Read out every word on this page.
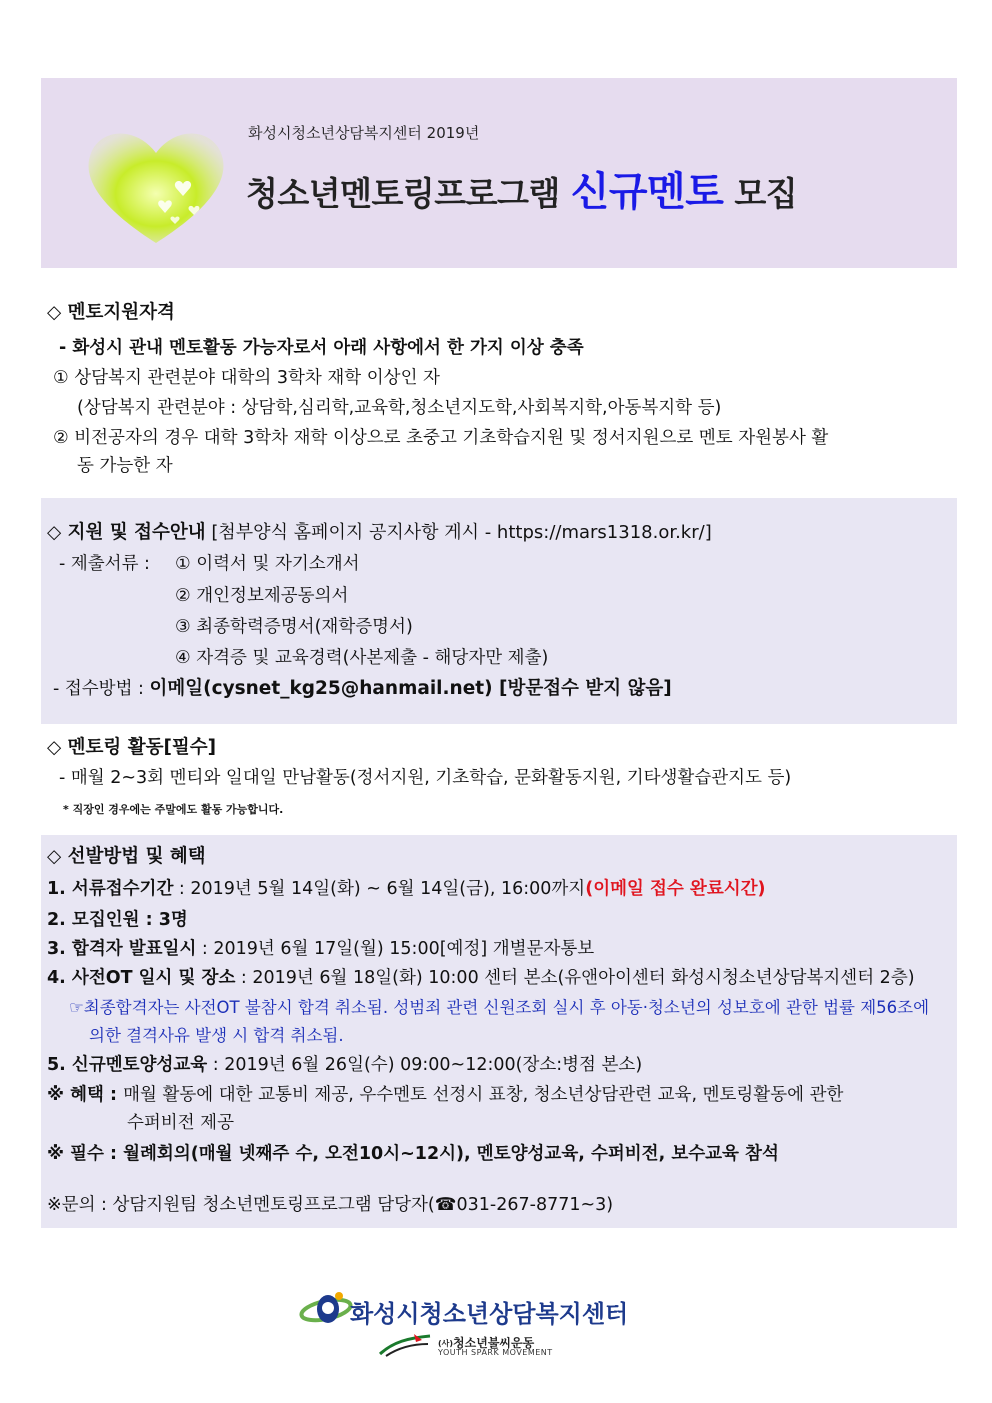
화성시청소년상담복지센터 2019년
청소년멘토링프로그램 신규멘토 모집
◇ 멘토지원자격
- 화성시 관내 멘토활동 가능자로서 아래 사항에서 한 가지 이상 충족
① 상담복지 관련분야 대학의 3학차 재학 이상인 자
(상담복지 관련분야 : 상담학,심리학,교육학,청소년지도학,사회복지학,아동복지학 등)
② 비전공자의 경우 대학 3학차 재학 이상으로 초중고 기초학습지원 및 정서지원으로 멘토 자원봉사 활
동 가능한 자
◇ 지원 및 접수안내 [첨부양식 홈페이지 공지사항 게시 - https://mars1318.or.kr/]
- 제출서류 : ① 이력서 및 자기소개서
② 개인정보제공동의서
③ 최종학력증명서(재학증명서)
④ 자격증 및 교육경력(사본제출 - 해당자만 제출)
- 접수방법 : 이메일(cysnet_kg25@hanmail.net) [방문접수 받지 않음]
◇ 멘토링 활동[필수]
- 매월 2~3회 멘티와 일대일 만남활동(정서지원, 기초학습, 문화활동지원, 기타생활습관지도 등)
* 직장인 경우에는 주말에도 활동 가능합니다.
◇ 선발방법 및 혜택
1. 서류접수기간 : 2019년 5월 14일(화) ~ 6월 14일(금), 16:00까지(이메일 접수 완료시간)
2. 모집인원 : 3명
3. 합격자 발표일시 : 2019년 6월 17일(월) 15:00[예정] 개별문자통보
4. 사전OT 일시 및 장소 : 2019년 6월 18일(화) 10:00 센터 본소(유앤아이센터 화성시청소년상담복지센터 2층)
☞최종합격자는 사전OT 불참시 합격 취소됨. 성범죄 관련 신원조회 실시 후 아동·청소년의 성보호에 관한 법률 제56조에
의한 결격사유 발생 시 합격 취소됨.
5. 신규멘토양성교육 : 2019년 6월 26일(수) 09:00~12:00(장소:병점 본소)
※ 혜택 : 매월 활동에 대한 교통비 제공, 우수멘토 선정시 표창, 청소년상담관련 교육, 멘토링활동에 관한
수퍼비전 제공
※ 필수 : 월례회의(매월 넷째주 수, 오전10시~12시), 멘토양성교육, 수퍼비전, 보수교육 참석
※문의 : 상담지원팀 청소년멘토링프로그램 담당자(☎031-267-8771~3)
화성시청소년상담복지센터
(사)청소년불씨운동
YOUTH SPARK MOVEMENT
